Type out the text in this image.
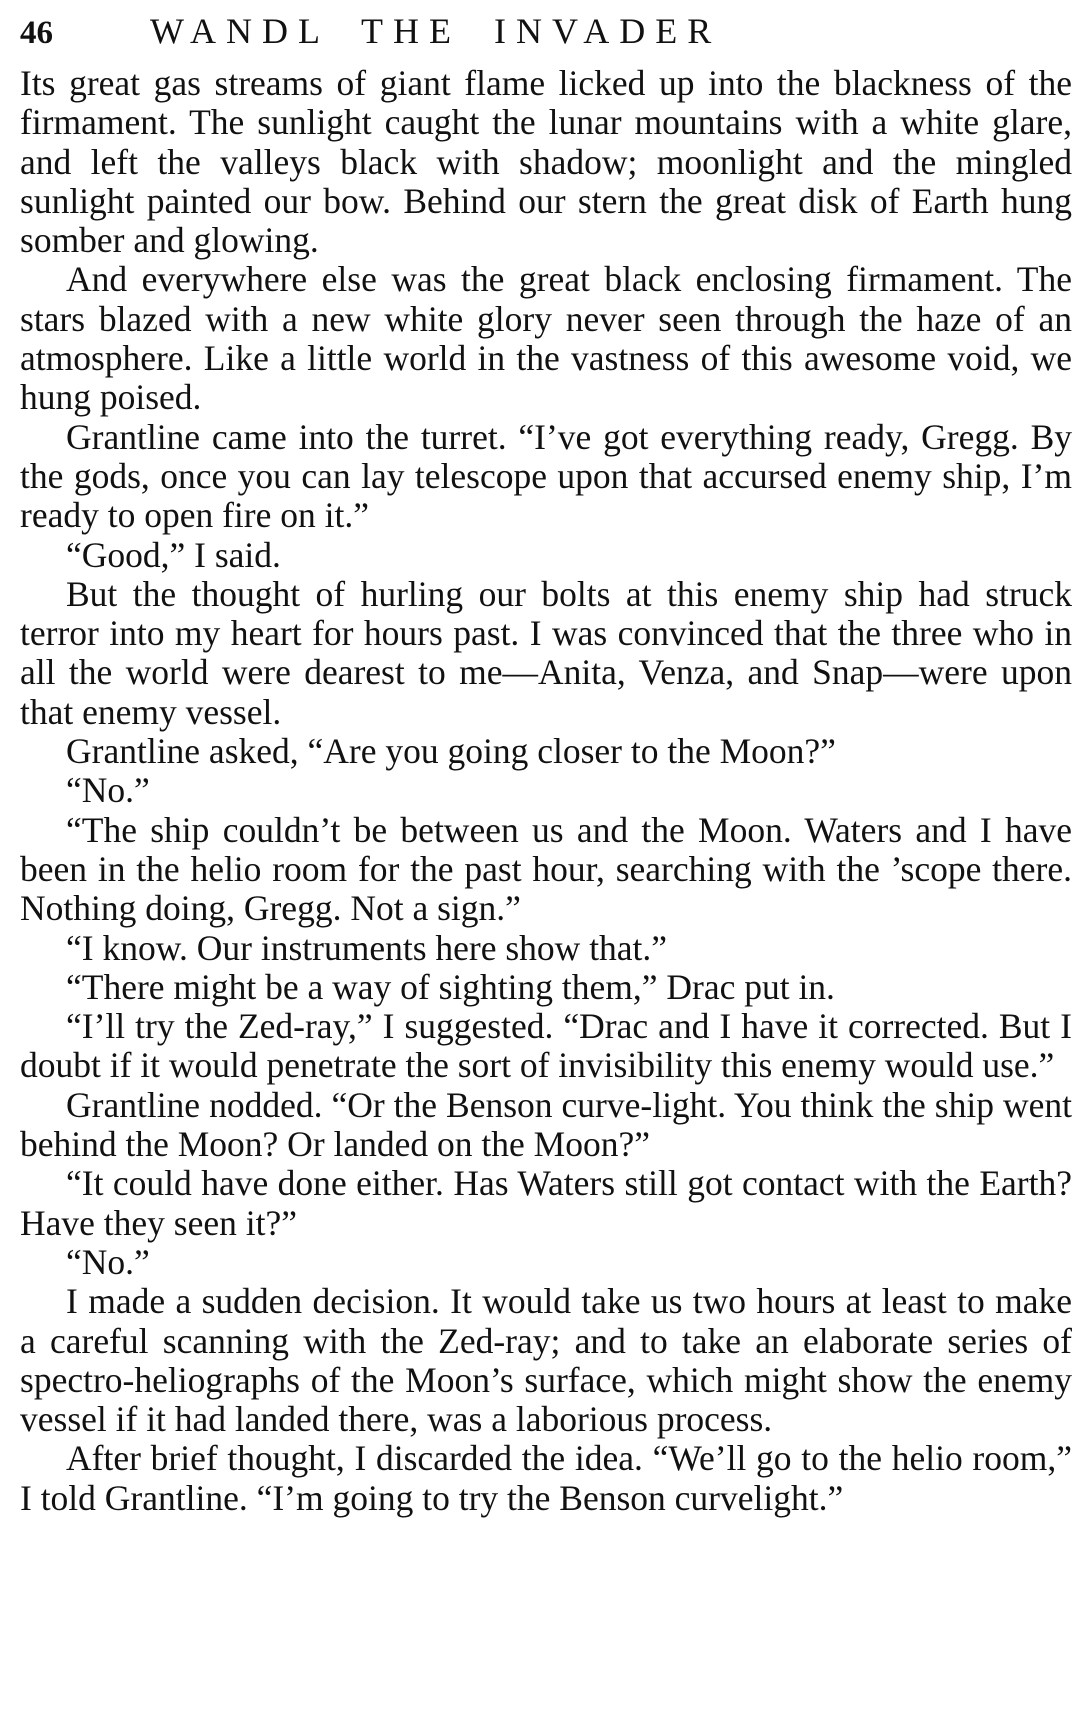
46	WANDL THE INVADER

Its great gas streams of giant flame licked up into the blackness of the firmament. The sunlight caught the lunar mountains with a white glare, and left the valleys black with shadow; moonlight and the mingled sunlight painted our bow. Behind our stern the great disk of Earth hung somber and glowing.

And everywhere else was the great black enclosing firmament. The stars blazed with a new white glory never seen through the haze of an atmosphere. Like a little world in the vastness of this awesome void, we hung poised.

Grantline came into the turret. “I’ve got everything ready, Gregg. By the gods, once you can lay telescope upon that accursed enemy ship, I’m ready to open fire on it.”

“Good,” I said.

But the thought of hurling our bolts at this enemy ship had struck terror into my heart for hours past. I was convinced that the three who in all the world were dearest to me—Anita, Venza, and Snap—were upon that enemy vessel.

Grantline asked, “Are you going closer to the Moon?”

“No.”

“The ship couldn’t be between us and the Moon. Waters and I have been in the helio room for the past hour, searching with the ’scope there. Nothing doing, Gregg. Not a sign.”

“I know. Our instruments here show that.”

“There might be a way of sighting them,” Drac put in.

“I’ll try the Zed-ray,” I suggested. “Drac and I have it corrected. But I doubt if it would penetrate the sort of invisibility this enemy would use.”

Grantline nodded. “Or the Benson curve-light. You think the ship went behind the Moon? Or landed on the Moon?”

“It could have done either. Has Waters still got contact with the Earth? Have they seen it?”

“No.”

I made a sudden decision. It would take us two hours at least to make a careful scanning with the Zed-ray; and to take an elaborate series of spectro-heliographs of the Moon’s surface, which might show the enemy vessel if it had landed there, was a laborious process.

After brief thought, I discarded the idea. “We’ll go to the helio room,” I told Grantline. “I’m going to try the Benson curvelight.”
